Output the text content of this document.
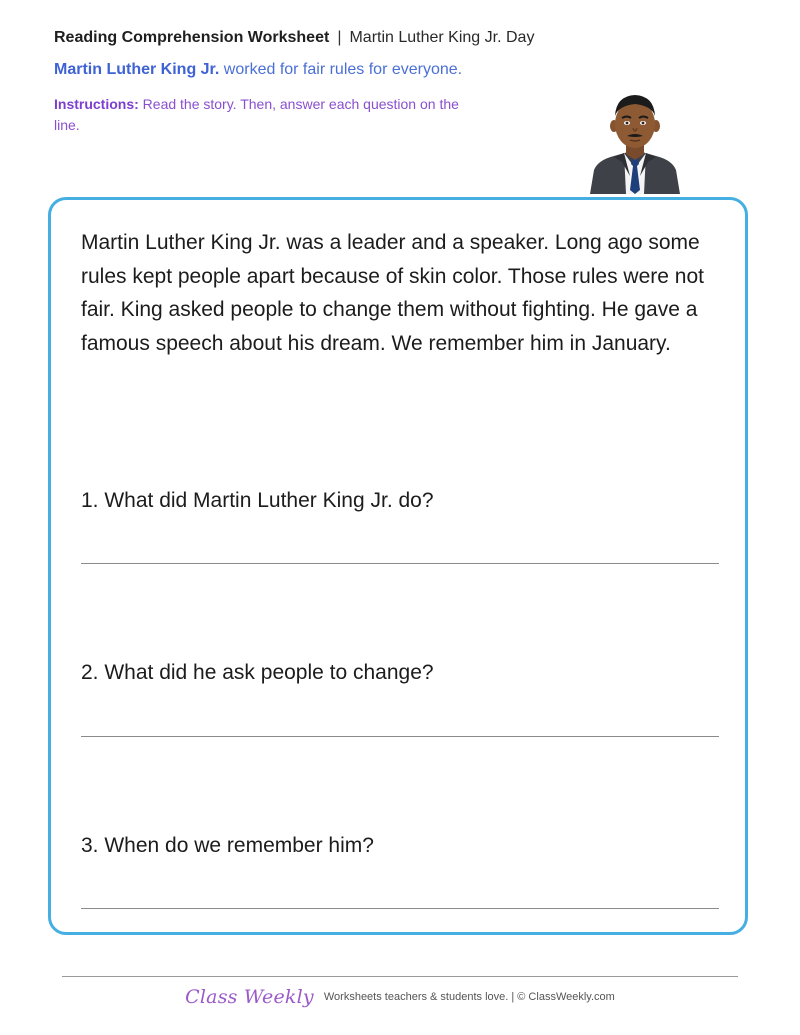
Reading Comprehension Worksheet | Martin Luther King Jr. Day
Martin Luther King Jr. worked for fair rules for everyone.
Instructions: Read the story. Then, answer each question on the line.
Martin Luther King Jr. was a leader and a speaker. Long ago some rules kept people apart because of skin color. Those rules were not fair. King asked people to change them without fighting. He gave a famous speech about his dream. We remember him in January.
1. What did Martin Luther King Jr. do?
2. What did he ask people to change?
3. When do we remember him?
Class Weekly Worksheets teachers & students love. | © ClassWeekly.com
